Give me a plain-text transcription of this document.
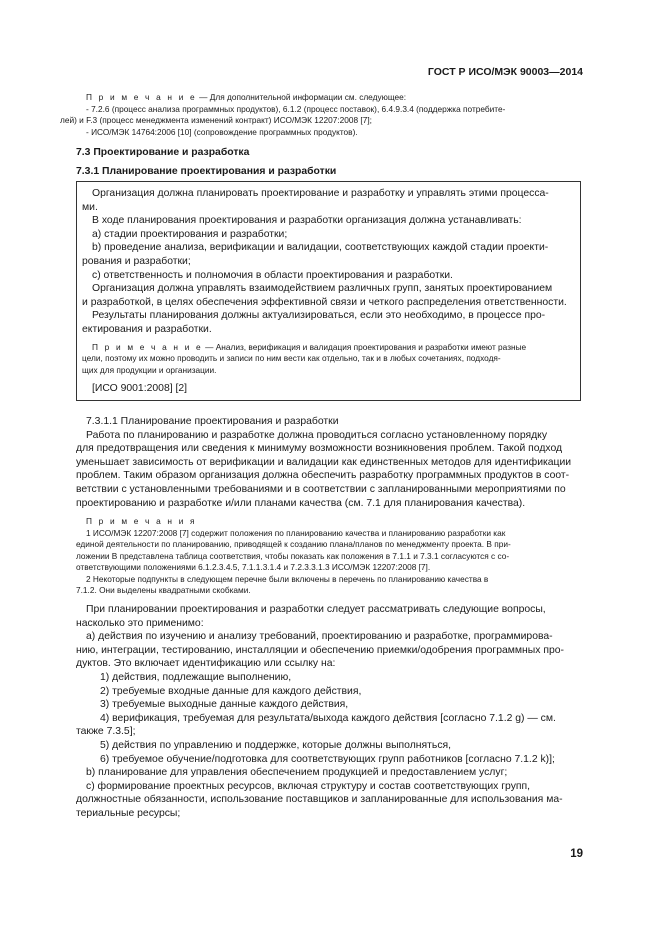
ГОСТ Р ИСО/МЭК 90003—2014

П р и м е ч а н и е — Для дополнительной информации см. следующее:

- 7.2.6 (процесс анализа программных продуктов), 6.1.2 (процесс поставок), 6.4.9.3.4 (поддержка потребите-

лей) и F.3 (процесс менеджмента изменений контракт) ИСО/МЭК 12207:2008 [7];

- ИСО/МЭК 14764:2006 [10] (сопровождение программных продуктов).

7.3 Проектирование и разработка
7.3.1 Планирование проектирования и разработки

Организация должна планировать проектирование и разработку и управлять этими процесса-

ми.

В ходе планирования проектирования и разработки организация должна устанавливать:

a) стадии проектирования и разработки;

b) проведение анализа, верификации и валидации, соответствующих каждой стадии проекти-

рования и разработки;

c) ответственность и полномочия в области проектирования и разработки.

Организация должна управлять взаимодействием различных групп, занятых проектированием

и разработкой, в целях обеспечения эффективной связи и четкого распределения ответственности.

Результаты планирования должны актуализироваться, если это необходимо, в процессе про-

ектирования и разработки.

П р и м е ч а н и е — Анализ, верификация и валидация проектирования и разработки имеют разные

цели, поэтому их можно проводить и записи по ним вести как отдельно, так и в любых сочетаниях, подходя-

щих для продукции и организации.

[ИСО 9001:2008] [2]

7.3.1.1 Планирование проектирования и разработки

Работа по планированию и разработке должна проводиться согласно установленному порядку

для предотвращения или сведения к минимуму возможности возникновения проблем. Такой подход

уменьшает зависимость от верификации и валидации как единственных методов для идентификации

проблем. Таким образом организация должна обеспечить разработку программных продуктов в соот-

ветствии с установленными требованиями и в соответствии с запланированными мероприятиями по

проектированию и разработке и/или планами качества (см. 7.1 для планирования качества).

П р и м е ч а н и я

1 ИСО/МЭК 12207:2008 [7] содержит положения по планированию качества и планированию разработки как

единой деятельности по планированию, приводящей к созданию плана/планов по менеджменту проекта. В при-

ложении В представлена таблица соответствия, чтобы показать как положения в 7.1.1 и 7.3.1 согласуются с со-

ответствующими положениями 6.1.2.3.4.5, 7.1.1.3.1.4 и 7.2.3.3.1.3 ИСО/МЭК 12207:2008 [7].

2 Некоторые подпункты в следующем перечне были включены в перечень по планированию качества в

7.1.2. Они выделены квадратными скобками.

При планировании проектирования и разработки следует рассматривать следующие вопросы,

насколько это применимо:

a) действия по изучению и анализу требований, проектированию и разработке, программирова-

нию, интеграции, тестированию, инсталляции и обеспечению приемки/одобрения программных про-

дуктов. Это включает идентификацию или ссылку на:

1) действия, подлежащие выполнению,

2) требуемые входные данные для каждого действия,

3) требуемые выходные данные каждого действия,

4) верификация, требуемая для результата/выхода каждого действия [согласно 7.1.2 g) — см.

также 7.3.5];

5) действия по управлению и поддержке, которые должны выполняться,

6) требуемое обучение/подготовка для соответствующих групп работников [согласно 7.1.2 k)];

b) планирование для управления обеспечением продукцией и предоставлением услуг;

c) формирование проектных ресурсов, включая структуру и состав соответствующих групп,

должностные обязанности, использование поставщиков и запланированные для использования ма-

териальные ресурсы;

19
